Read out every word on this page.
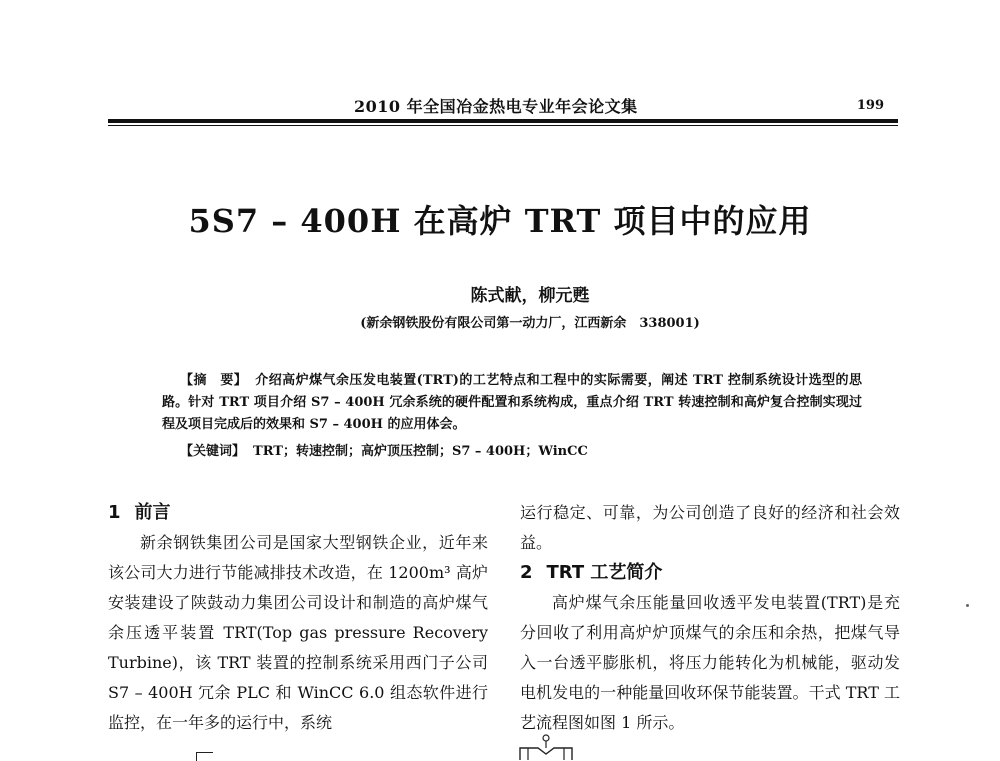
2010 年全国冶金热电专业年会论文集	199
5S7 – 400H 在高炉 TRT 项目中的应用
陈式献，柳元甦
(新余钢铁股份有限公司第一动力厂，江西新余　338001)
【摘　要】 介绍高炉煤气余压发电装置(TRT)的工艺特点和工程中的实际需要，阐述 TRT 控制系统设计选型的思路。针对 TRT 项目介绍 S7 – 400H 冗余系统的硬件配置和系统构成，重点介绍 TRT 转速控制和高炉复合控制实现过程及项目完成后的效果和 S7 – 400H 的应用体会。
【关键词】 TRT；转速控制；高炉顶压控制；S7 – 400H；WinCC
1 前言

新余钢铁集团公司是国家大型钢铁企业，近年来该公司大力进行节能减排技术改造，在 1200m³ 高炉安装建设了陕鼓动力集团公司设计和制造的高炉煤气余压透平装置 TRT(Top gas pressure Recovery Turbine)，该 TRT 装置的控制系统采用西门子公司 S7 – 400H 冗余 PLC 和 WinCC 6.0 组态软件进行监控，在一年多的运行中，系统

运行稳定、可靠，为公司创造了良好的经济和社会效益。

2 TRT 工艺简介

高炉煤气余压能量回收透平发电装置(TRT)是充分回收了利用高炉炉顶煤气的余压和余热，把煤气导入一台透平膨胀机，将压力能转化为机械能，驱动发电机发电的一种能量回收环保节能装置。干式 TRT 工艺流程图如图 1 所示。
